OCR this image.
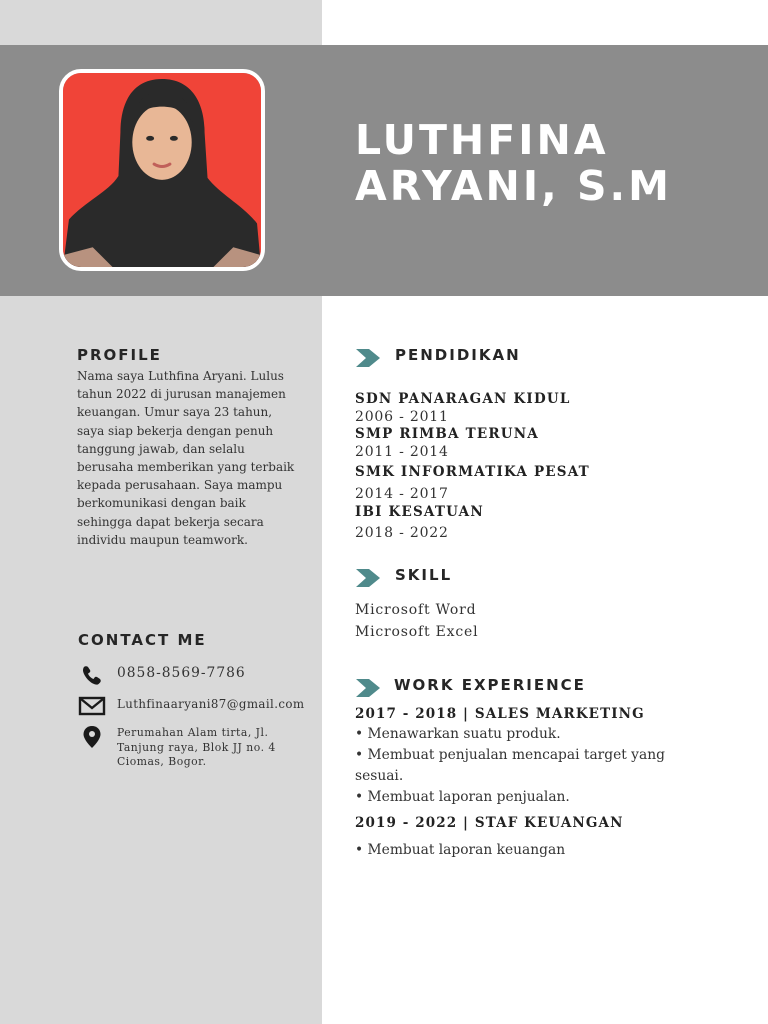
LUTHFINA
ARYANI, S.M
PROFILE

Nama saya Luthfina Aryani. Lulus tahun 2022 di jurusan manajemen keuangan. Umur saya 23 tahun, saya siap bekerja dengan penuh tanggung jawab, dan selalu berusaha memberikan yang terbaik kepada perusahaan. Saya mampu berkomunikasi dengan baik sehingga dapat bekerja secara individu maupun teamwork.

CONTACT ME
0858-8569-7786
Luthfinaaryani87@gmail.com
Perumahan Alam tirta, Jl.
Tanjung raya, Blok JJ no. 4
Ciomas, Bogor.
PENDIDIKAN
SDN PANARAGAN KIDUL
2006 - 2011
SMP RIMBA TERUNA
2011 - 2014
SMK INFORMATIKA PESAT
2014 - 2017
IBI KESATUAN
2018 - 2022
SKILL
Microsoft Word
Microsoft Excel
WORK EXPERIENCE
2017 - 2018 | SALES MARKETING
• Menawarkan suatu produk.
• Membuat penjualan mencapai target yang sesuai.
• Membuat laporan penjualan.
2019 - 2022 | STAF KEUANGAN
• Membuat laporan keuangan
